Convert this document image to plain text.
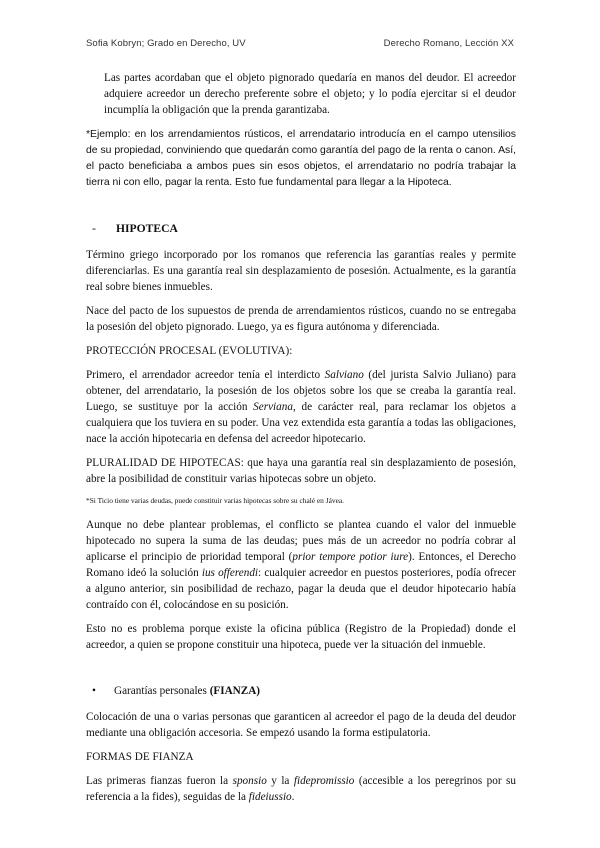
Sofia Kobryn; Grado en Derecho, UV	Derecho Romano, Lección XX

Las partes acordaban que el objeto pignorado quedaría en manos del deudor. El acreedor adquiere acreedor un derecho preferente sobre el objeto; y lo podía ejercitar si el deudor incumplía la obligación que la prenda garantizaba.

*Ejemplo: en los arrendamientos rústicos, el arrendatario introducía en el campo utensilios de su propiedad, conviniendo que quedarán como garantía del pago de la renta o canon. Así, el pacto beneficiaba a ambos pues sin esos objetos, el arrendatario no podría trabajar la tierra ni con ello, pagar la renta. Esto fue fundamental para llegar a la Hipoteca.

- HIPOTECA

Término griego incorporado por los romanos que referencia las garantías reales y permite diferenciarlas. Es una garantía real sin desplazamiento de posesión. Actualmente, es la garantía real sobre bienes inmuebles.

Nace del pacto de los supuestos de prenda de arrendamientos rústicos, cuando no se entregaba la posesión del objeto pignorado. Luego, ya es figura autónoma y diferenciada.

PROTECCIÓN PROCESAL (EVOLUTIVA):

Primero, el arrendador acreedor tenía el interdicto Salviano (del jurista Salvio Juliano) para obtener, del arrendatario, la posesión de los objetos sobre los que se creaba la garantía real. Luego, se sustituye por la acción Serviana, de carácter real, para reclamar los objetos a cualquiera que los tuviera en su poder. Una vez extendida esta garantía a todas las obligaciones, nace la acción hipotecaria en defensa del acreedor hipotecario.

PLURALIDAD DE HIPOTECAS: que haya una garantía real sin desplazamiento de posesión, abre la posibilidad de constituir varias hipotecas sobre un objeto.

*Si Ticio tiene varias deudas, puede constituir varias hipotecas sobre su chalé en Jávea.

Aunque no debe plantear problemas, el conflicto se plantea cuando el valor del inmueble hipotecado no supera la suma de las deudas; pues más de un acreedor no podría cobrar al aplicarse el principio de prioridad temporal (prior tempore potior iure). Entonces, el Derecho Romano ideó la solución ius offerendi: cualquier acreedor en puestos posteriores, podía ofrecer a alguno anterior, sin posibilidad de rechazo, pagar la deuda que el deudor hipotecario había contraído con él, colocándose en su posición.

Esto no es problema porque existe la oficina pública (Registro de la Propiedad) donde el acreedor, a quien se propone constituir una hipoteca, puede ver la situación del inmueble.

• Garantías personales (FIANZA)

Colocación de una o varias personas que garanticen al acreedor el pago de la deuda del deudor mediante una obligación accesoria. Se empezó usando la forma estipulatoria.

FORMAS DE FIANZA

Las primeras fianzas fueron la sponsio y la fidepromissio (accesible a los peregrinos por su referencia a la fides), seguidas de la fideiussio.
